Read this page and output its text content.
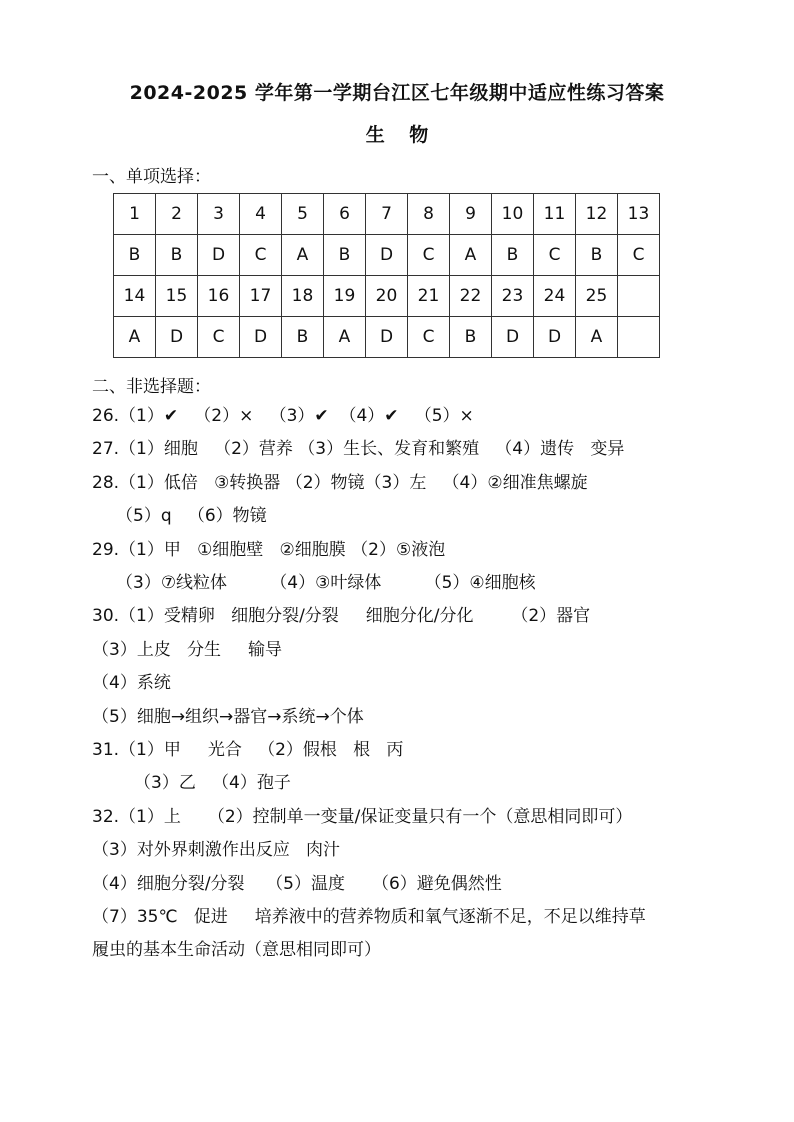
2024-2025 学年第一学期台江区七年级期中适应性练习答案
生 物
一、单项选择：
1	2	3	4	5	6	7	8	9	10	11	12	13
B	B	D	C	A	B	D	C	A	B	C	B	C
14	15	16	17	18	19	20	21	22	23	24	25	
A	D	C	D	B	A	D	C	B	D	D	A	
二、非选择题：
26.（1）✔   （2）×   （3）✔  （4）✔   （5）×
27.（1）细胞   （2）营养 （3）生长、发育和繁殖   （4）遗传   变异
28.（1）低倍   ③转换器 （2）物镜（3）左   （4）②细准焦螺旋
（5）q   （6）物镜
29.（1）甲   ①细胞壁   ②细胞膜 （2）⑤液泡
（3）⑦线粒体        （4）③叶绿体        （5）④细胞核
30.（1）受精卵   细胞分裂/分裂     细胞分化/分化       （2）器官
（3）上皮   分生     输导
（4）系统
（5）细胞→组织→器官→系统→个体
31.（1）甲     光合   （2）假根   根   丙
（3）乙   （4）孢子
32.（1）上     （2）控制单一变量/保证变量只有一个（意思相同即可）
（3）对外界刺激作出反应   肉汁
（4）细胞分裂/分裂    （5）温度     （6）避免偶然性
（7）35℃   促进     培养液中的营养物质和氧气逐渐不足，不足以维持草
履虫的基本生命活动（意思相同即可）
